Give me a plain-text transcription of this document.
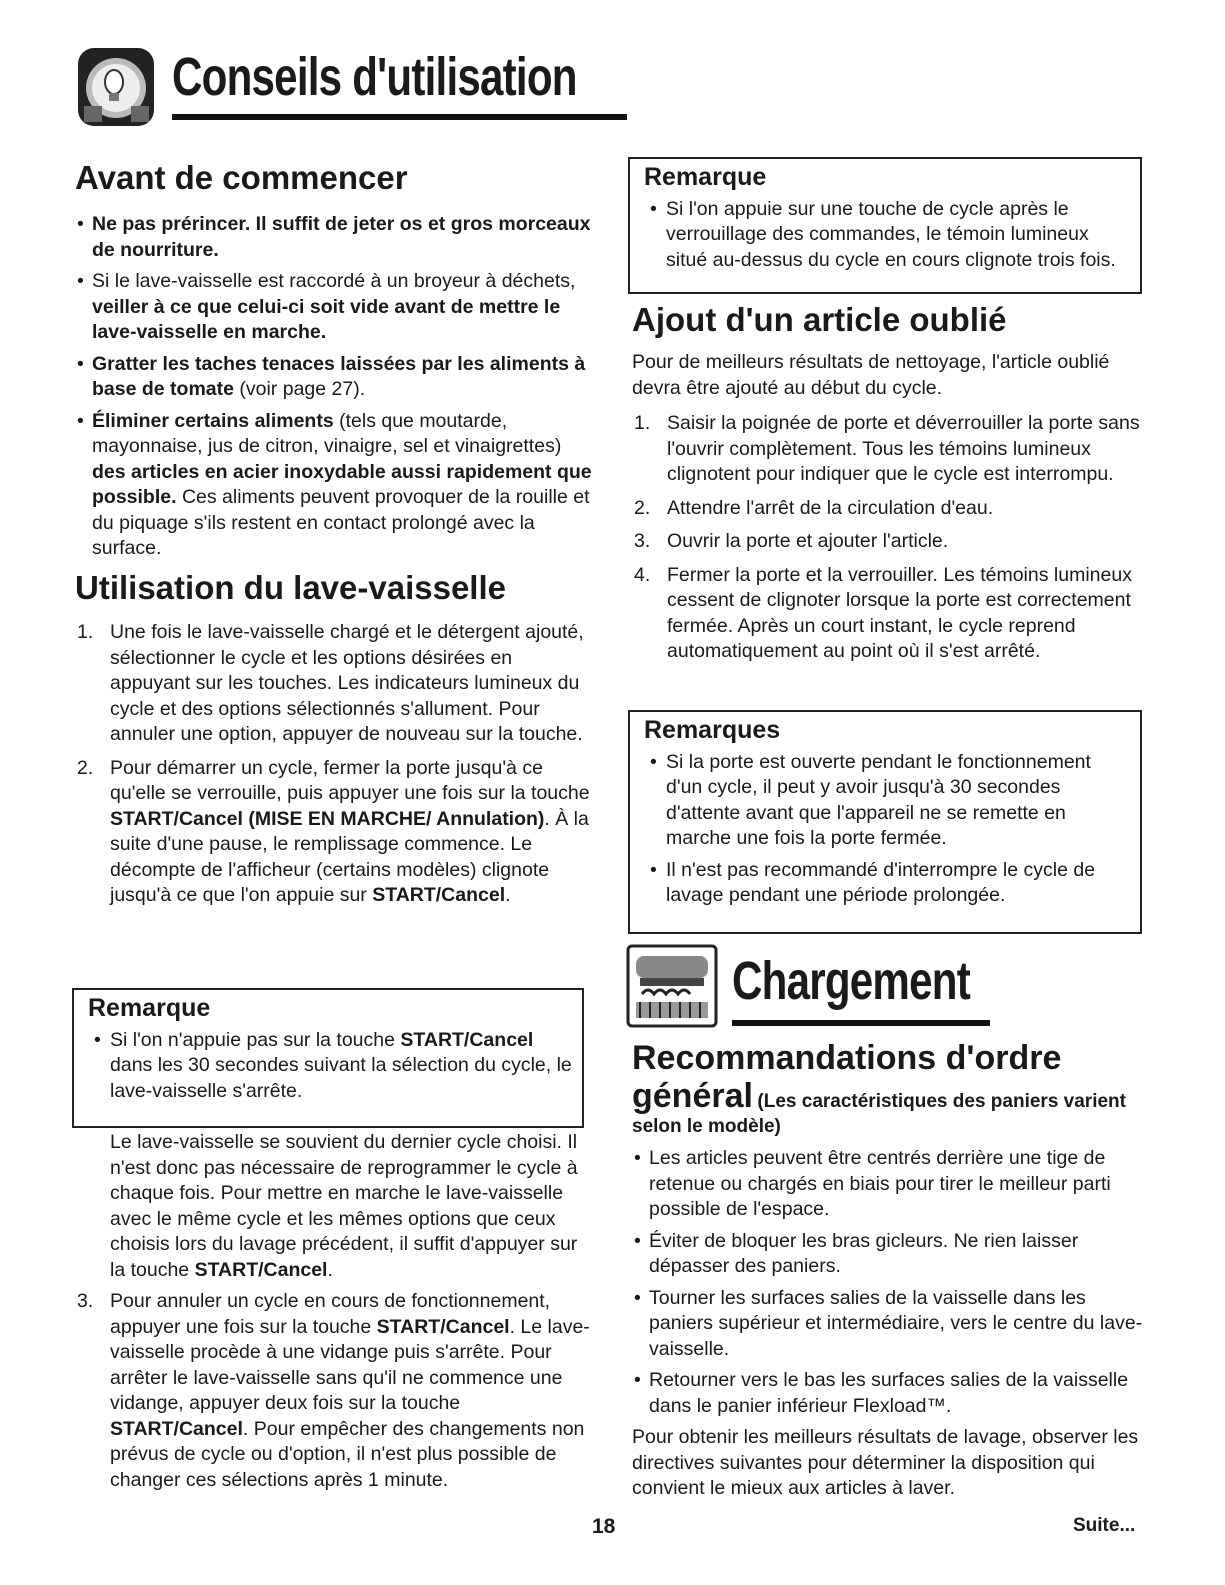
Conseils d'utilisation
Avant de commencer
• Ne pas prérincer. Il suffit de jeter os et gros morceaux de nourriture.
• Si le lave-vaisselle est raccordé à un broyeur à déchets, veiller à ce que celui-ci soit vide avant de mettre le lave-vaisselle en marche.
• Gratter les taches tenaces laissées par les aliments à base de tomate (voir page 27).
• Éliminer certains aliments (tels que moutarde, mayonnaise, jus de citron, vinaigre, sel et vinaigrettes) des articles en acier inoxydable aussi rapidement que possible. Ces aliments peuvent provoquer de la rouille et du piquage s'ils restent en contact prolongé avec la surface.
Utilisation du lave-vaisselle
1. Une fois le lave-vaisselle chargé et le détergent ajouté, sélectionner le cycle et les options désirées en appuyant sur les touches. Les indicateurs lumineux du cycle et des options sélectionnés s'allument. Pour annuler une option, appuyer de nouveau sur la touche.
2. Pour démarrer un cycle, fermer la porte jusqu'à ce qu'elle se verrouille, puis appuyer une fois sur la touche START/Cancel (MISE EN MARCHE/ Annulation). À la suite d'une pause, le remplissage commence. Le décompte de l'afficheur (certains modèles) clignote jusqu'à ce que l'on appuie sur START/Cancel.
Remarque
• Si l'on n'appuie pas sur la touche START/Cancel dans les 30 secondes suivant la sélection du cycle, le lave-vaisselle s'arrête.

Le lave-vaisselle se souvient du dernier cycle choisi. Il n'est donc pas nécessaire de reprogrammer le cycle à chaque fois. Pour mettre en marche le lave-vaisselle avec le même cycle et les mêmes options que ceux choisis lors du lavage précédent, il suffit d'appuyer sur la touche START/Cancel.

3. Pour annuler un cycle en cours de fonctionnement, appuyer une fois sur la touche START/Cancel. Le lave-vaisselle procède à une vidange puis s'arrête. Pour arrêter le lave-vaisselle sans qu'il ne commence une vidange, appuyer deux fois sur la touche START/Cancel. Pour empêcher des changements non prévus de cycle ou d'option, il n'est plus possible de changer ces sélections après 1 minute.
Remarque
• Si l'on appuie sur une touche de cycle après le verrouillage des commandes, le témoin lumineux situé au-dessus du cycle en cours clignote trois fois.
Ajout d'un article oublié

Pour de meilleurs résultats de nettoyage, l'article oublié devra être ajouté au début du cycle.

1. Saisir la poignée de porte et déverrouiller la porte sans l'ouvrir complètement. Tous les témoins lumineux clignotent pour indiquer que le cycle est interrompu.
2. Attendre l'arrêt de la circulation d'eau.
3. Ouvrir la porte et ajouter l'article.
4. Fermer la porte et la verrouiller. Les témoins lumineux cessent de clignoter lorsque la porte est correctement fermée. Après un court instant, le cycle reprend automatiquement au point où il s'est arrêté.
Remarques
• Si la porte est ouverte pendant le fonctionnement d'un cycle, il peut y avoir jusqu'à 30 secondes d'attente avant que l'appareil ne se remette en marche une fois la porte fermée.
• Il n'est pas recommandé d'interrompre le cycle de lavage pendant une période prolongée.
Chargement
Recommandations d'ordre
général (Les caractéristiques des paniers varient selon le modèle)
• Les articles peuvent être centrés derrière une tige de retenue ou chargés en biais pour tirer le meilleur parti possible de l'espace.
• Éviter de bloquer les bras gicleurs. Ne rien laisser dépasser des paniers.
• Tourner les surfaces salies de la vaisselle dans les paniers supérieur et intermédiaire, vers le centre du lave-vaisselle.
• Retourner vers le bas les surfaces salies de la vaisselle dans le panier inférieur Flexload™.

Pour obtenir les meilleurs résultats de lavage, observer les directives suivantes pour déterminer la disposition qui convient le mieux aux articles à laver.

18	Suite...
